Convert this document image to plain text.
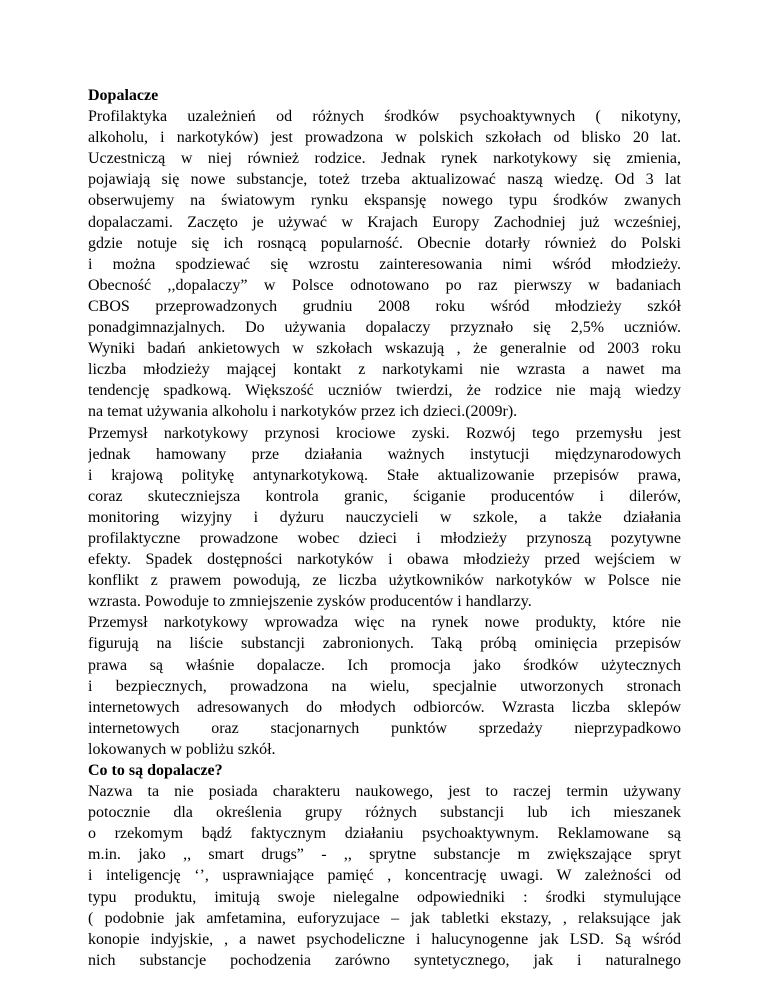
Dopalacze
Profilaktyka uzależnień od różnych środków psychoaktywnych ( nikotyny,
alkoholu, i narkotyków) jest prowadzona w polskich szkołach od blisko 20 lat.
Uczestniczą w niej również rodzice. Jednak rynek narkotykowy się zmienia,
pojawiają się nowe substancje, toteż trzeba aktualizować naszą wiedzę. Od 3 lat
obserwujemy na światowym rynku ekspansję nowego typu środków zwanych
dopalaczami. Zaczęto je używać w Krajach Europy Zachodniej już wcześniej,
gdzie notuje się ich rosnącą popularność. Obecnie dotarły również do Polski
i można spodziewać się wzrostu zainteresowania nimi wśród młodzieży.
Obecność ,,dopalaczy” w Polsce odnotowano po raz pierwszy w badaniach
CBOS przeprowadzonych grudniu 2008 roku wśród młodzieży szkół
ponadgimnazjalnych. Do używania dopalaczy przyznało się 2,5% uczniów.
Wyniki badań ankietowych w szkołach wskazują , że generalnie od 2003 roku
liczba młodzieży mającej kontakt z narkotykami nie wzrasta a nawet ma
tendencję spadkową. Większość uczniów twierdzi, że rodzice nie mają wiedzy
na temat używania alkoholu i narkotyków przez ich dzieci.(2009r).
Przemysł narkotykowy przynosi krociowe zyski. Rozwój tego przemysłu jest
jednak hamowany prze działania ważnych instytucji międzynarodowych
i krajową politykę antynarkotykową. Stałe aktualizowanie przepisów prawa,
coraz skuteczniejsza kontrola granic, ściganie producentów i dilerów,
monitoring wizyjny i dyżuru nauczycieli w szkole, a także działania
profilaktyczne prowadzone wobec dzieci i młodzieży przynoszą pozytywne
efekty. Spadek dostępności narkotyków i obawa młodzieży przed wejściem w
konflikt z prawem powodują, ze liczba użytkowników narkotyków w Polsce nie
wzrasta. Powoduje to zmniejszenie zysków producentów i handlarzy.
Przemysł narkotykowy wprowadza więc na rynek nowe produkty, które nie
figurują na liście substancji zabronionych. Taką próbą ominięcia przepisów
prawa są właśnie dopalacze. Ich promocja jako środków użytecznych
i bezpiecznych, prowadzona na wielu, specjalnie utworzonych stronach
internetowych adresowanych do młodych odbiorców. Wzrasta liczba sklepów
internetowych oraz stacjonarnych punktów sprzedaży nieprzypadkowo
lokowanych w pobliżu szkół.
Co to są dopalacze?
Nazwa ta nie posiada charakteru naukowego, jest to raczej termin używany
potocznie dla określenia grupy różnych substancji lub ich mieszanek
o rzekomym bądź faktycznym działaniu psychoaktywnym. Reklamowane są
m.in. jako ,, smart drugs” - ,, sprytne substancje m zwiększające spryt
i inteligencję ‘’, usprawniające pamięć , koncentrację uwagi. W zależności od
typu produktu, imitują swoje nielegalne odpowiedniki : środki stymulujące
( podobnie jak amfetamina, euforyzujace – jak tabletki ekstazy, , relaksujące jak
konopie indyjskie, , a nawet psychodeliczne i halucynogenne jak LSD. Są wśród
nich substancje pochodzenia zarówno syntetycznego, jak i naturalnego
